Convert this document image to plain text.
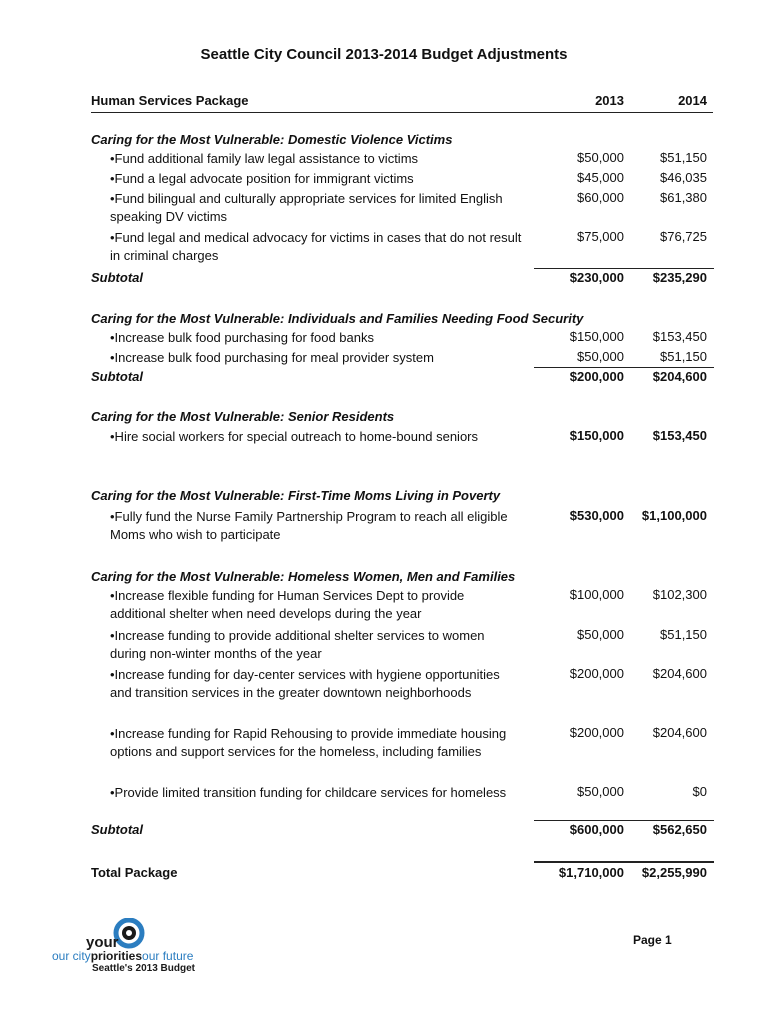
Seattle City Council 2013-2014 Budget Adjustments
Human Services Package	2013	2014
Caring for the Most Vulnerable: Domestic Violence Victims
•Fund additional family law legal assistance to victims	$50,000	$51,150
•Fund a legal advocate position for immigrant victims	$45,000	$46,035
•Fund bilingual and culturally appropriate services for limited English speaking DV victims
$60,000	$61,380
•Fund legal and medical advocacy for victims in cases that do not result in criminal charges
$75,000	$76,725
Subtotal	$230,000 $235,290
Caring for the Most Vulnerable: Individuals and Families Needing Food Security
•Increase bulk food purchasing for food banks	$150,000 $153,450
•Increase bulk food purchasing for meal provider system	$50,000	$51,150
Subtotal	$200,000 $204,600
Caring for the Most Vulnerable: Senior Residents
•Hire social workers for special outreach to home-bound seniors	$150,000 $153,450
Caring for the Most Vulnerable: First-Time Moms Living in Poverty
•Fully fund the Nurse Family Partnership Program to reach all eligible Moms who wish to participate
$530,000 $1,100,000
Caring for the Most Vulnerable: Homeless Women, Men and Families
•Increase flexible funding for Human Services Dept to provide additional shelter when need develops during the year
$100,000 $102,300
•Increase funding to provide additional shelter services to women during non-winter months of the year
$50,000	$51,150
•Increase funding for day-center services with hygiene opportunities and transition services in the greater downtown neighborhoods
$200,000 $204,600
•Increase funding for Rapid Rehousing to provide immediate housing options and support services for the homeless, including families
$200,000 $204,600
•Provide limited transition funding for childcare services for homeless	$50,000	$0
Subtotal	$600,000 $562,650
Total Package	$1,710,000 $2,255,990
your
our cityprioritiesour future
Seattle's 2013 Budget
Page 1
